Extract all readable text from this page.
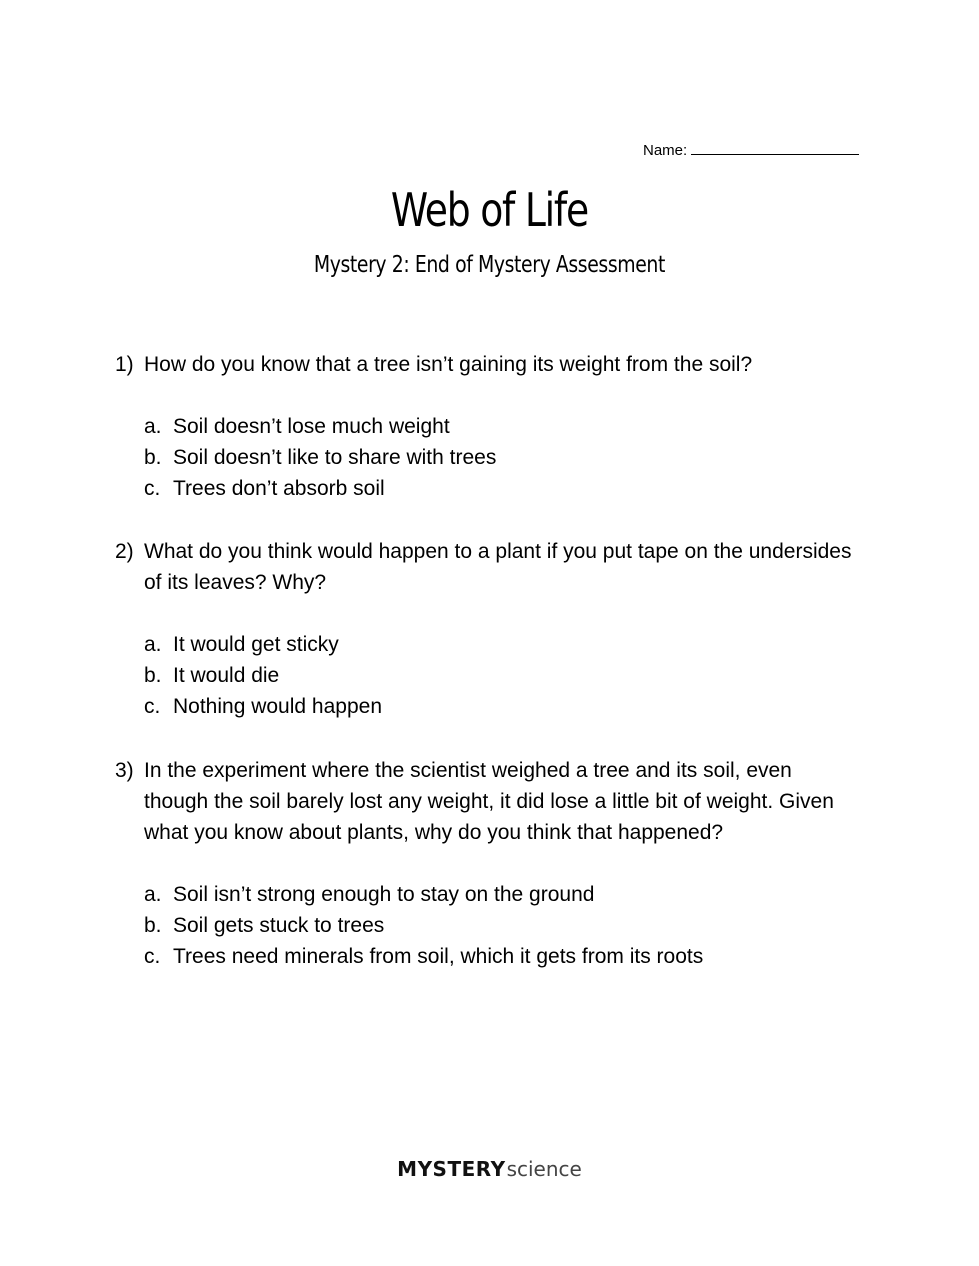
Name:
Web of Life
Mystery 2: End of Mystery Assessment
1) How do you know that a tree isn’t gaining its weight from the soil?
a. Soil doesn’t lose much weight
b. Soil doesn’t like to share with trees
c. Trees don’t absorb soil
2) What do you think would happen to a plant if you put tape on the undersides of its leaves? Why?
a. It would get sticky
b. It would die
c. Nothing would happen
3) In the experiment where the scientist weighed a tree and its soil, even though the soil barely lost any weight, it did lose a little bit of weight. Given what you know about plants, why do you think that happened?
a. Soil isn’t strong enough to stay on the ground
b. Soil gets stuck to trees
c. Trees need minerals from soil, which it gets from its roots
MYSTERYscience
